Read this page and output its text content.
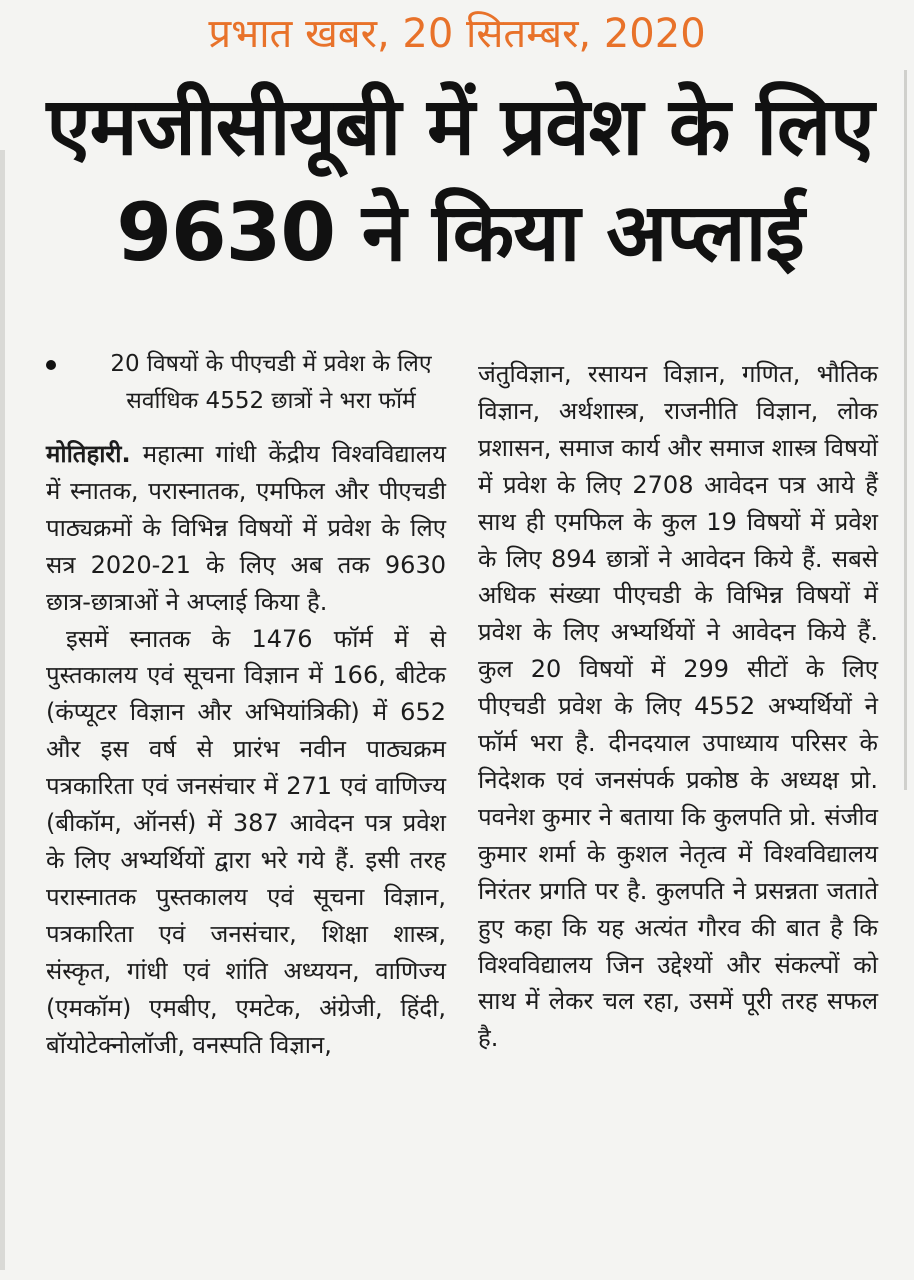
प्रभात खबर, 20 सितम्बर, 2020
एमजीसीयूबी में प्रवेश के लिए 9630 ने किया अप्लाई
20 विषयों के पीएचडी में प्रवेश के लिए सर्वाधिक 4552 छात्रों ने भरा फॉर्म

मोतिहारी. महात्मा गांधी केंद्रीय विश्वविद्यालय में स्नातक, परास्नातक, एमफिल और पीएचडी पाठ्यक्रमों के विभिन्न विषयों में प्रवेश के लिए सत्र 2020-21 के लिए अब तक 9630 छात्र-छात्राओं ने अप्लाई किया है.

इसमें स्नातक के 1476 फॉर्म में से पुस्तकालय एवं सूचना विज्ञान में 166, बीटेक (कंप्यूटर विज्ञान और अभियांत्रिकी) में 652 और इस वर्ष से प्रारंभ नवीन पाठ्यक्रम पत्रकारिता एवं जनसंचार में 271 एवं वाणिज्य (बीकॉम, ऑनर्स) में 387 आवेदन पत्र प्रवेश के लिए अभ्यर्थियों द्वारा भरे गये हैं. इसी तरह परास्नातक पुस्तकालय एवं सूचना विज्ञान, पत्रकारिता एवं जनसंचार, शिक्षा शास्त्र, संस्कृत, गांधी एवं शांति अध्ययन, वाणिज्य (एमकॉम) एमबीए, एमटेक, अंग्रेजी, हिंदी, बॉयोटेक्नोलॉजी, वनस्पति विज्ञान,

जंतुविज्ञान, रसायन विज्ञान, गणित, भौतिक विज्ञान, अर्थशास्त्र, राजनीति विज्ञान, लोक प्रशासन, समाज कार्य और समाज शास्त्र विषयों में प्रवेश के लिए 2708 आवेदन पत्र आये हैं साथ ही एमफिल के कुल 19 विषयों में प्रवेश के लिए 894 छात्रों ने आवेदन किये हैं. सबसे अधिक संख्या पीएचडी के विभिन्न विषयों में प्रवेश के लिए अभ्यर्थियों ने आवेदन किये हैं. कुल 20 विषयों में 299 सीटों के लिए पीएचडी प्रवेश के लिए 4552 अभ्यर्थियों ने फॉर्म भरा है. दीनदयाल उपाध्याय परिसर के निदेशक एवं जनसंपर्क प्रकोष्ठ के अध्यक्ष प्रो. पवनेश कुमार ने बताया कि कुलपति प्रो. संजीव कुमार शर्मा के कुशल नेतृत्व में विश्वविद्यालय निरंतर प्रगति पर है. कुलपति ने प्रसन्नता जताते हुए कहा कि यह अत्यंत गौरव की बात है कि विश्वविद्यालय जिन उद्देश्यों और संकल्पों को साथ में लेकर चल रहा, उसमें पूरी तरह सफल है.
